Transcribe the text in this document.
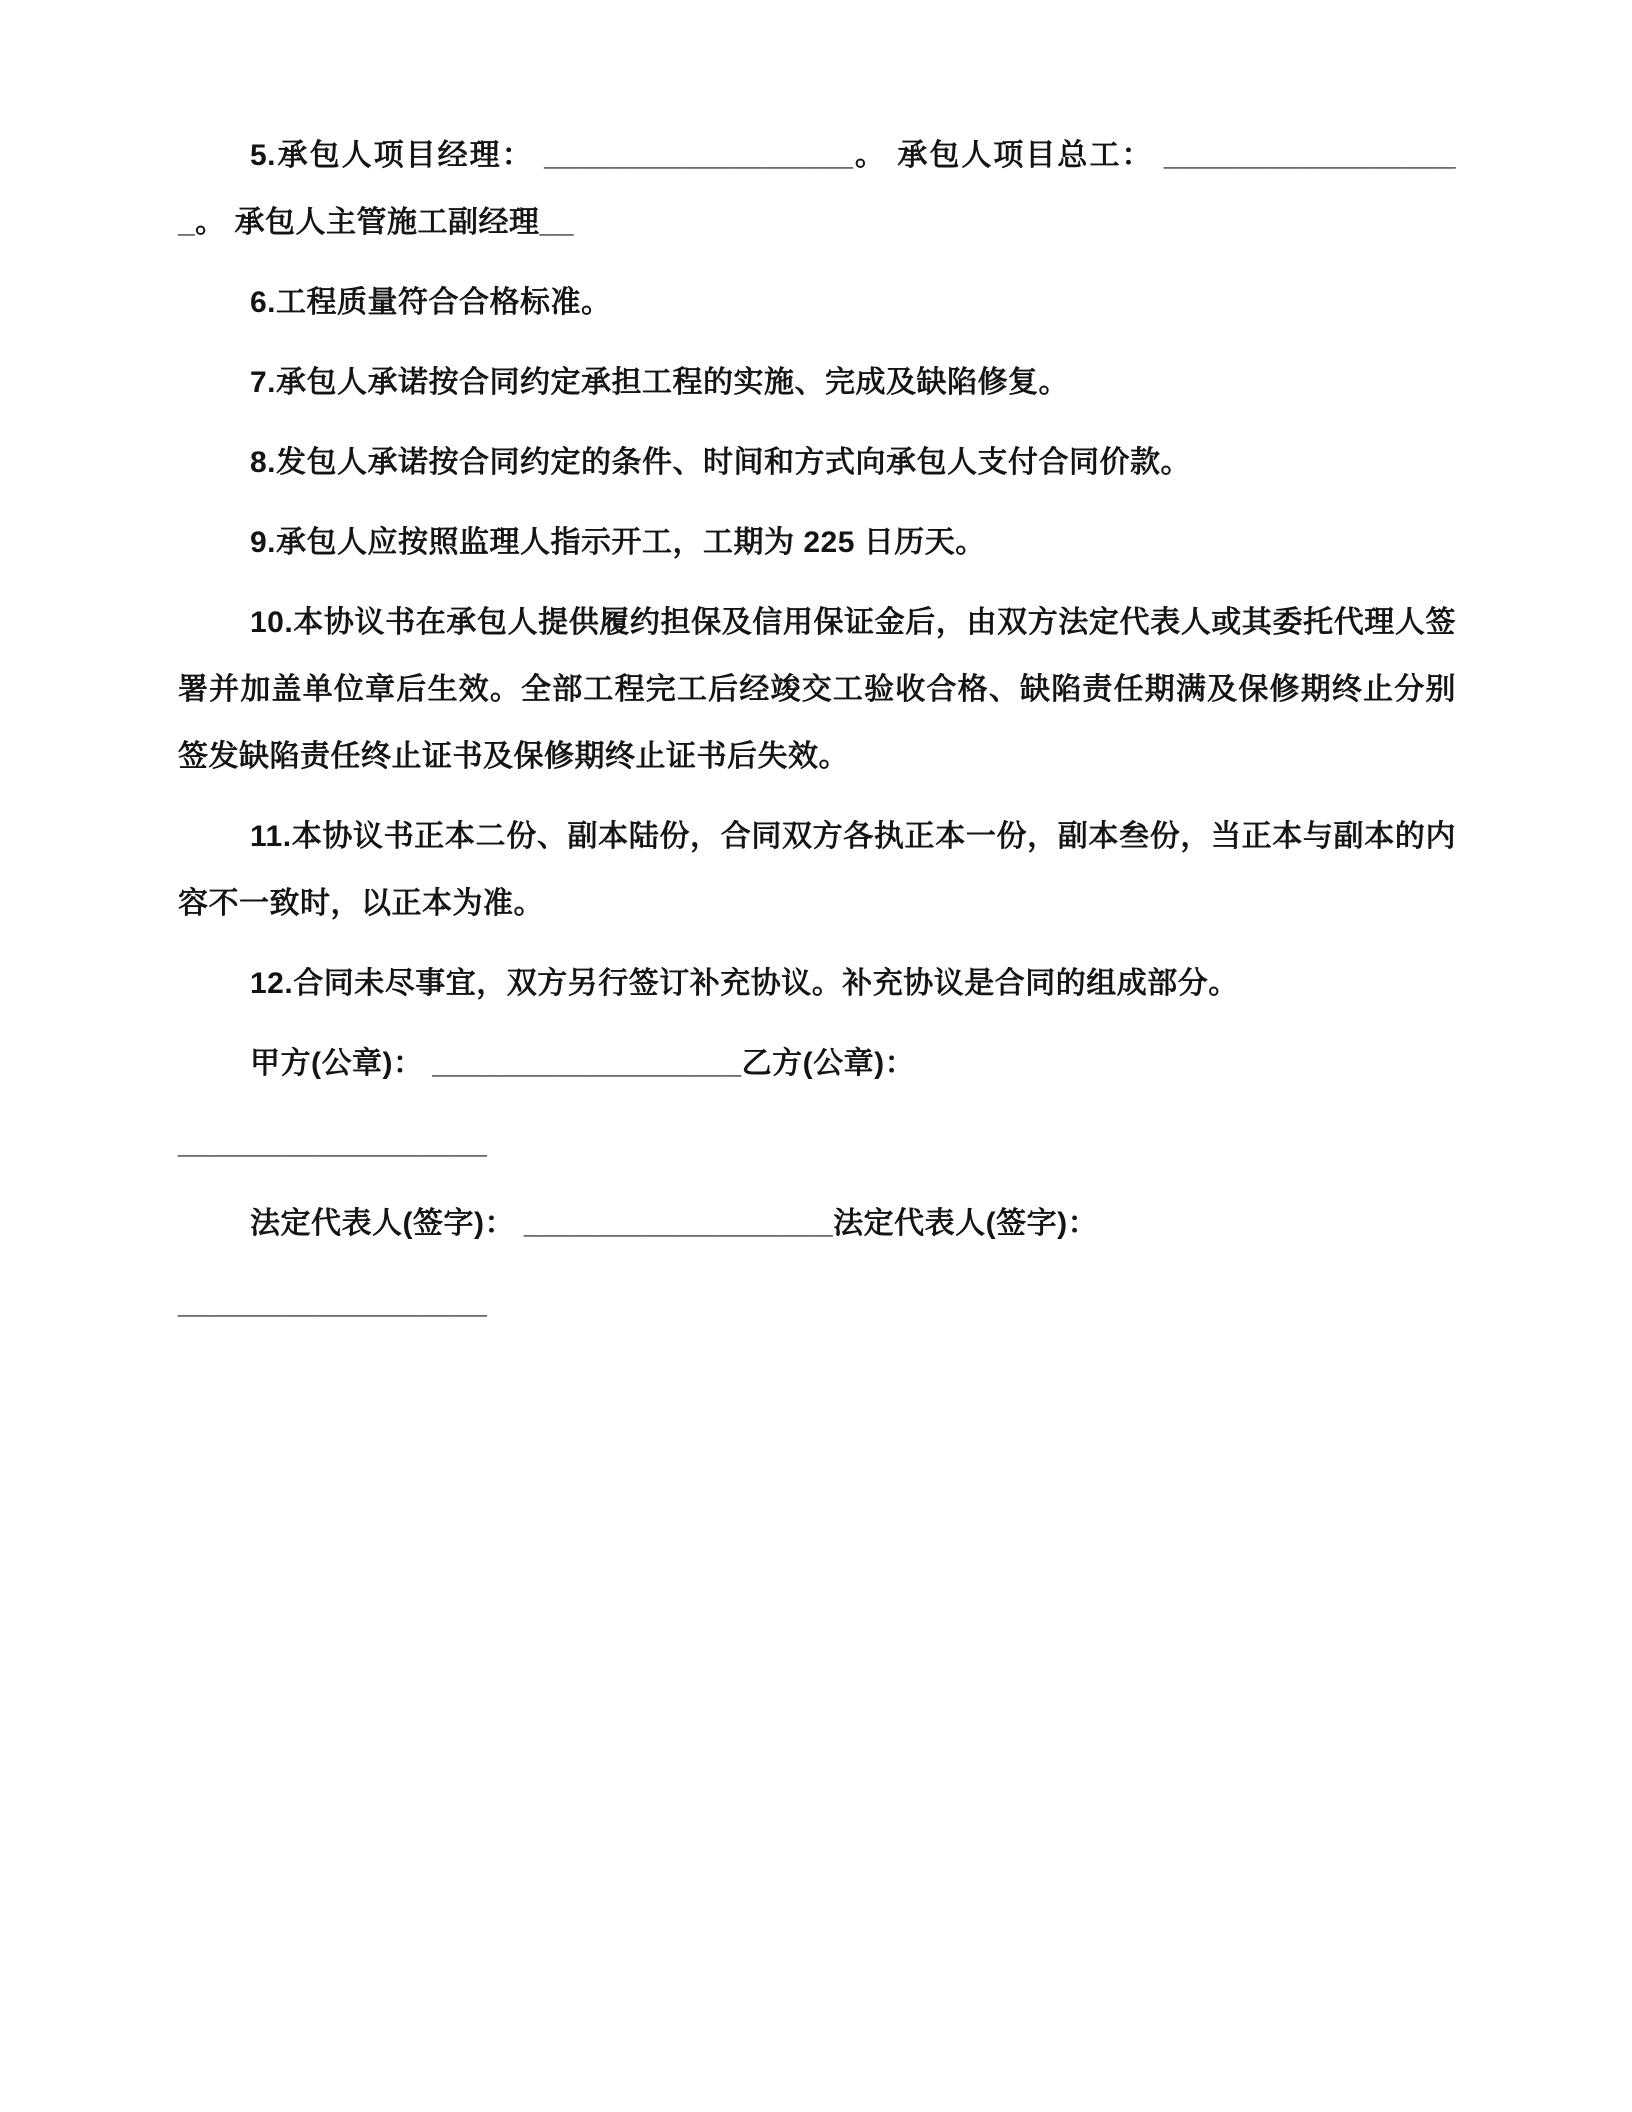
5.承包人项目经理： __________________。 承包人项目总工： __________________。 承包人主管施工副经理__

6.工程质量符合合格标准。

7.承包人承诺按合同约定承担工程的实施、完成及缺陷修复。

8.发包人承诺按合同约定的条件、时间和方式向承包人支付合同价款。

9.承包人应按照监理人指示开工，工期为 225 日历天。

10.本协议书在承包人提供履约担保及信用保证金后，由双方法定代表人或其委托代理人签署并加盖单位章后生效。全部工程完工后经竣交工验收合格、缺陷责任期满及保修期终止分别签发缺陷责任终止证书及保修期终止证书后失效。

11.本协议书正本二份、副本陆份，合同双方各执正本一份，副本叁份，当正本与副本的内容不一致时，以正本为准。

12.合同未尽事宜，双方另行签订补充协议。补充协议是合同的组成部分。

甲方(公章)： __________________乙方(公章)：

__________________

法定代表人(签字)： __________________法定代表人(签字)：

__________________
